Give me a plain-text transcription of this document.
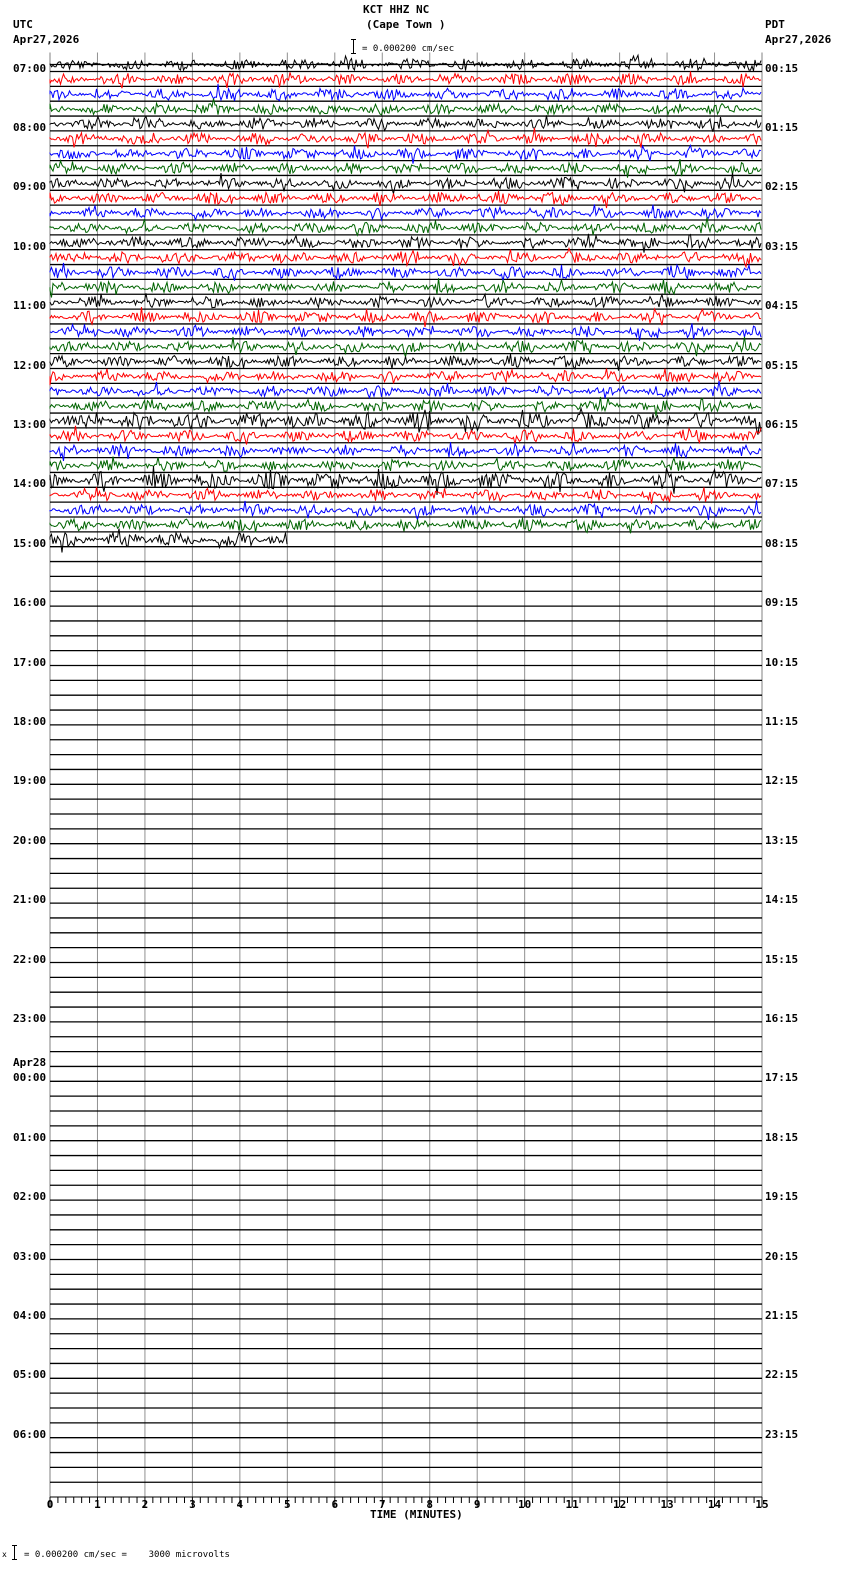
KCT HHZ NC
(Cape Town )
UTC
Apr27,2026
PDT
Apr27,2026
= 0.000200 cm/sec
0	1	2	3	4	5	6	7	8	9	10	11	12	13	14	15
07:00
08:00
09:00
10:00
11:00
12:00
13:00
14:00
15:00
16:00
17:00
18:00
19:00
20:00
21:00
22:00
23:00
Apr28
00:00
01:00
02:00
03:00
04:00
05:00
06:00
00:15
01:15
02:15
03:15
04:15
05:15
06:15
07:15
08:15
09:15
10:15
11:15
12:15
13:15
14:15
15:15
16:15
17:15
18:15
19:15
20:15
21:15
22:15
23:15
TIME (MINUTES)
x = 0.000200 cm/sec =    3000 microvolts
